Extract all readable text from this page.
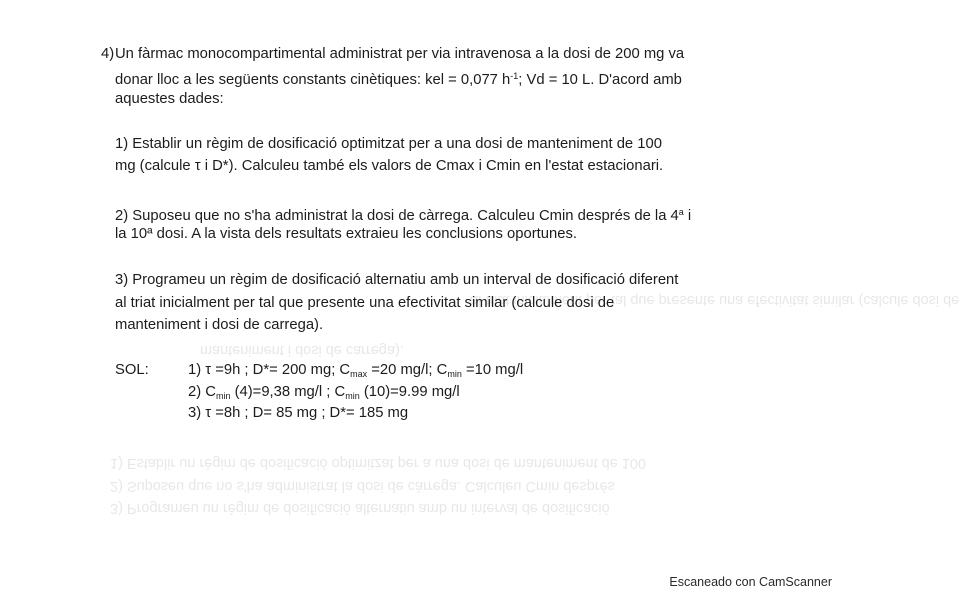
1) Establir un règim de dosificació optimitzat per a una dosi de manteniment de 100
2) Suposeu que no s'ha administrat la dosi de càrrega. Calculeu Cmin després
3) Programeu un règim de dosificació alternatiu amb un interval de dosificació
al triat inicialment per tal que presente una efectivitat similar (calcule dosi de
manteniment i dosi de carrega).
4) Un fàrmac monocompartimental administrat per via intravenosa a la dosi de 200 mg va
donar lloc a les següents constants cinètiques: kel = 0,077 $h^{-1}$; Vd = 10 L. D'acord amb
aquestes dades:
1) Establir un règim de dosificació optimitzat per a una dosi de manteniment de 100
mg (calcule τ i D*). Calculeu també els valors de Cmax i Cmin en l'estat estacionari.
2) Suposeu que no s'ha administrat la dosi de càrrega. Calculeu Cmin després de la 4$^a$ i
la 10ª dosi. A la vista dels resultats extraieu les conclusions oportunes.
3) Programeu un règim de dosificació alternatiu amb un interval de dosificació diferent
al triat inicialment per tal que presente una efectivitat similar (calcule dosi de
manteniment i dosi de carrega).
SOL:	1) τ =9h ; D*= 200 mg; $C_{max} =20$ mg/l; $C_{min} =10$ mg/l
2) $C_{min}$ (4)=9,38 mg/l ; $C_{min}$ (10)=9.99 mg/l
3) τ =8h ; D= 85 mg ; D*= 185 mg
Escaneado con CamScanner
